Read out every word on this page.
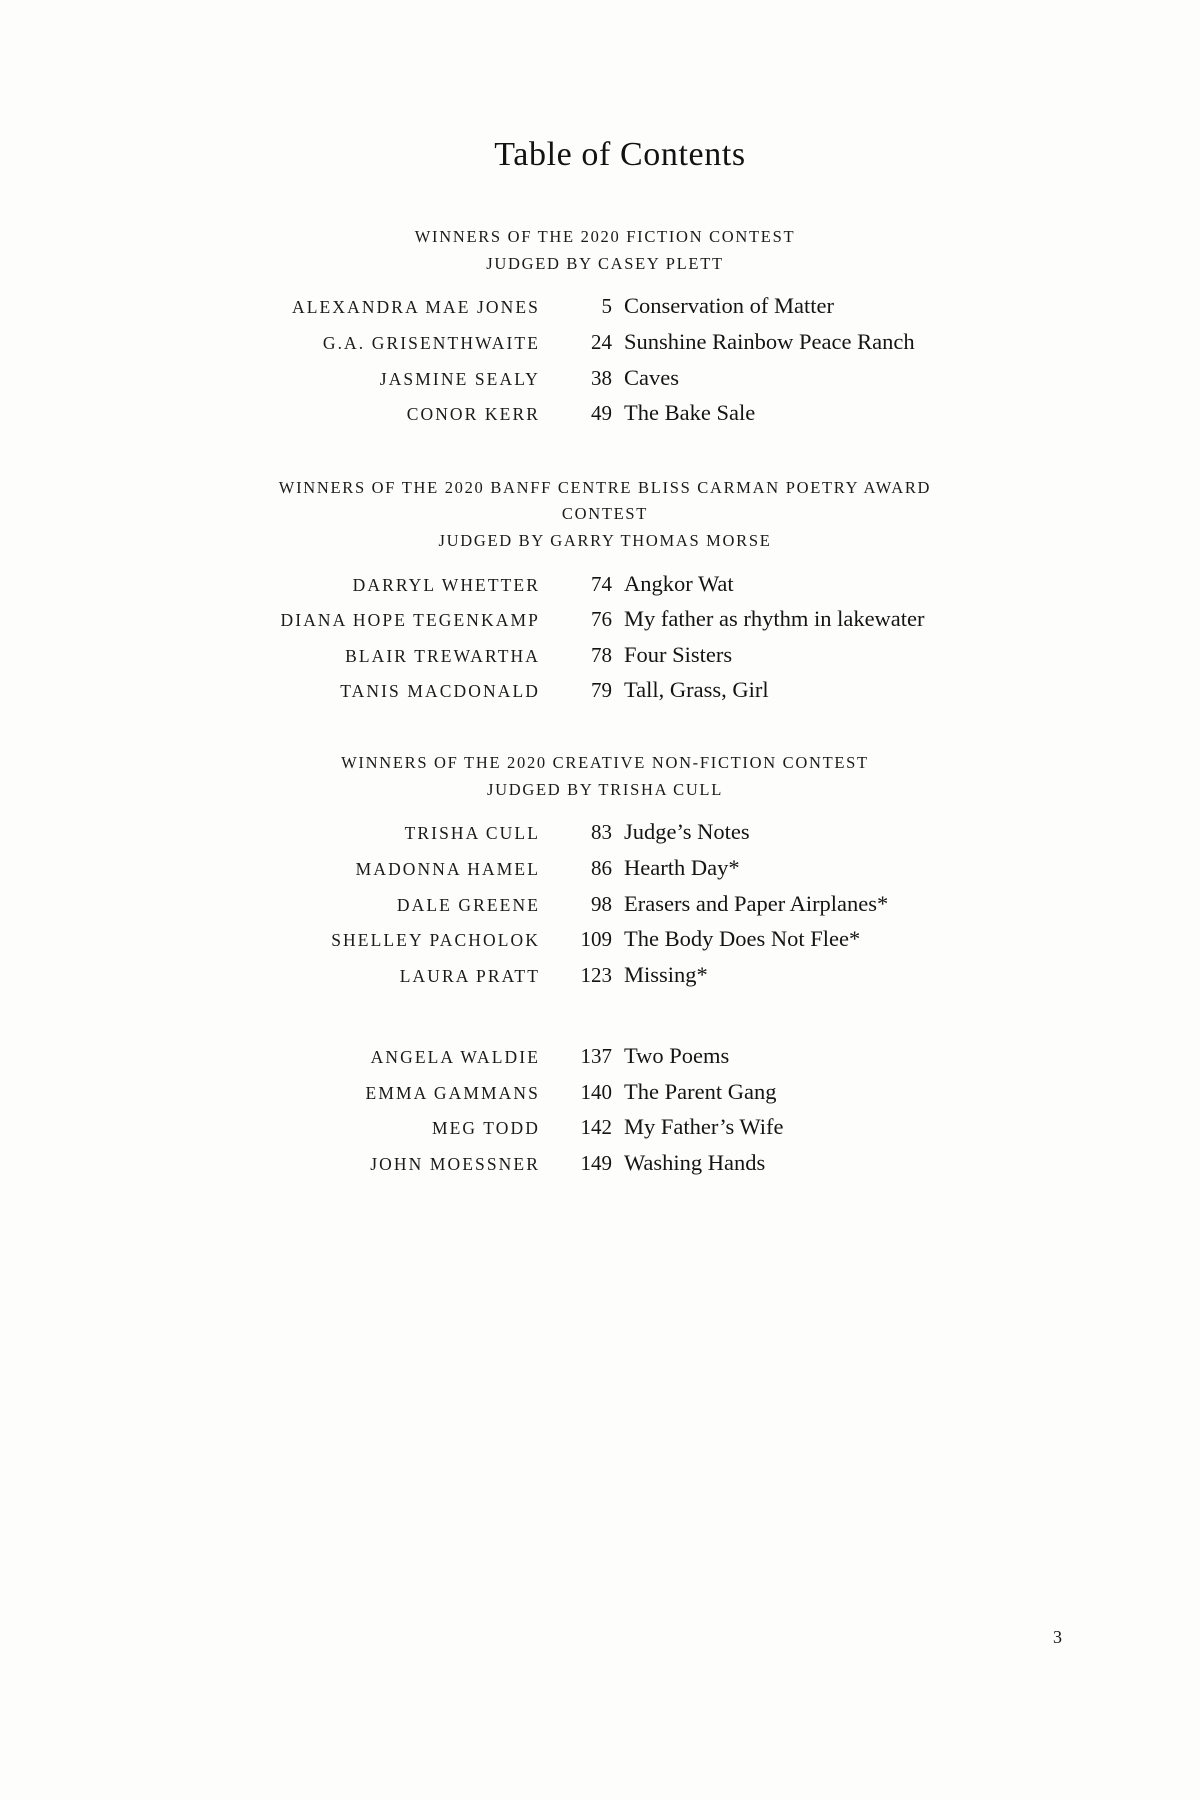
Table of Contents
WINNERS OF THE 2020 FICTION CONTEST
JUDGED BY CASEY PLETT
ALEXANDRA MAE JONES	5 Conservation of Matter
G.A. GRISENTHWAITE	24 Sunshine Rainbow Peace Ranch
JASMINE SEALY	38 Caves
CONOR KERR	49 The Bake Sale
WINNERS OF THE 2020 BANFF CENTRE BLISS CARMAN POETRY AWARD
CONTEST
JUDGED BY GARRY THOMAS MORSE
DARRYL WHETTER	74 Angkor Wat
DIANA HOPE TEGENKAMP	76 My father as rhythm in lakewater
BLAIR TREWARTHA	78 Four Sisters
TANIS MACDONALD	79 Tall, Grass, Girl
WINNERS OF THE 2020 CREATIVE NON-FICTION CONTEST
JUDGED BY TRISHA CULL
TRISHA CULL	83 Judge’s Notes
MADONNA HAMEL	86 Hearth Day*
DALE GREENE	98 Erasers and Paper Airplanes*
SHELLEY PACHOLOK	109 The Body Does Not Flee*
LAURA PRATT	123 Missing*
ANGELA WALDIE	137 Two Poems
EMMA GAMMANS	140 The Parent Gang
MEG TODD	142 My Father’s Wife
JOHN MOESSNER	149 Washing Hands
3
